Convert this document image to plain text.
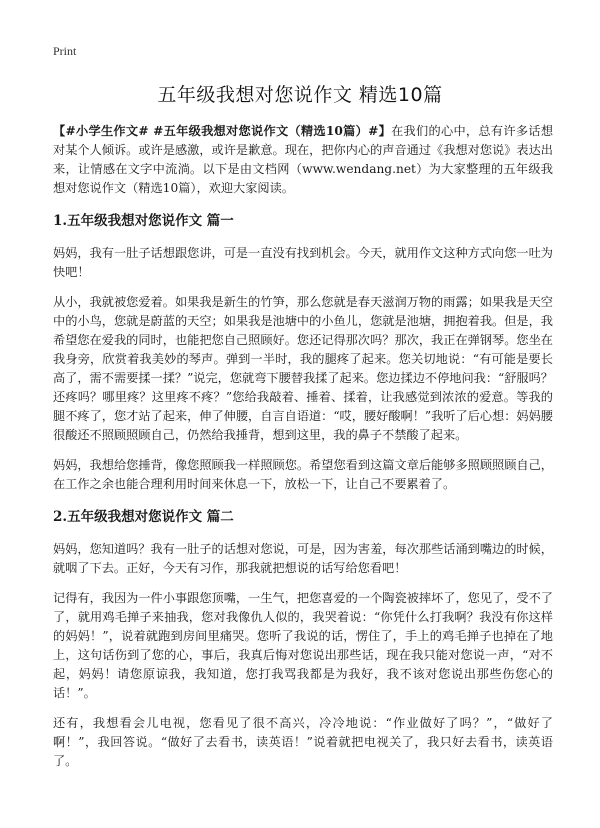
Print
五年级我想对您说作文 精选10篇

【#小学生作文# #五年级我想对您说作文（精选10篇）#】在我们的心中，总有许多话想对某个人倾诉。或许是感激，或许是歉意。现在，把你内心的声音通过《我想对您说》表达出来，让情感在文字中流淌。以下是由文档网（www.wendang.net）为大家整理的五年级我想对您说作文（精选10篇），欢迎大家阅读。

1.五年级我想对您说作文 篇一

妈妈，我有一肚子话想跟您讲，可是一直没有找到机会。今天，就用作文这种方式向您一吐为快吧！

从小，我就被您爱着。如果我是新生的竹笋，那么您就是春天滋润万物的雨露；如果我是天空中的小鸟，您就是蔚蓝的天空；如果我是池塘中的小鱼儿，您就是池塘，拥抱着我。但是，我希望您在爱我的同时，也能把您自己照顾好。您还记得那次吗？那次，我正在弹钢琴。您坐在我身旁，欣赏着我美妙的琴声。弹到一半时，我的腿疼了起来。您关切地说：“有可能是要长高了，需不需要揉一揉？”说完，您就弯下腰替我揉了起来。您边揉边不停地问我：“舒服吗？还疼吗？哪里疼？这里疼不疼？”您给我敲着、捶着、揉着，让我感觉到浓浓的爱意。等我的腿不疼了，您才站了起来，伸了伸腰，自言自语道：“哎，腰好酸啊！”我听了后心想：妈妈腰很酸还不照顾照顾自己，仍然给我捶背，想到这里，我的鼻子不禁酸了起来。

妈妈，我想给您捶背，像您照顾我一样照顾您。希望您看到这篇文章后能够多照顾照顾自己，在工作之余也能合理利用时间来休息一下，放松一下，让自己不要累着了。

2.五年级我想对您说作文 篇二

妈妈，您知道吗？我有一肚子的话想对您说，可是，因为害羞，每次那些话涌到嘴边的时候，就咽了下去。正好，今天有习作，那我就把想说的话写给您看吧！

记得有，我因为一件小事跟您顶嘴，一生气，把您喜爱的一个陶瓷被摔坏了，您见了，受不了了，就用鸡毛掸子来抽我，您对我像仇人似的，我哭着说：“你凭什么打我啊？我没有你这样的妈妈！”，说着就跑到房间里痛哭。您听了我说的话，愣住了，手上的鸡毛掸子也掉在了地上，这句话伤到了您的心，事后，我真后悔对您说出那些话，现在我只能对您说一声，“对不起，妈妈！请您原谅我，我知道，您打我骂我都是为我好，我不该对您说出那些伤您心的话！”。

还有，我想看会儿电视，您看见了很不高兴，冷冷地说：“作业做好了吗？”，“做好了啊！”，我回答说。“做好了去看书，读英语！”说着就把电视关了，我只好去看书，读英语了。
